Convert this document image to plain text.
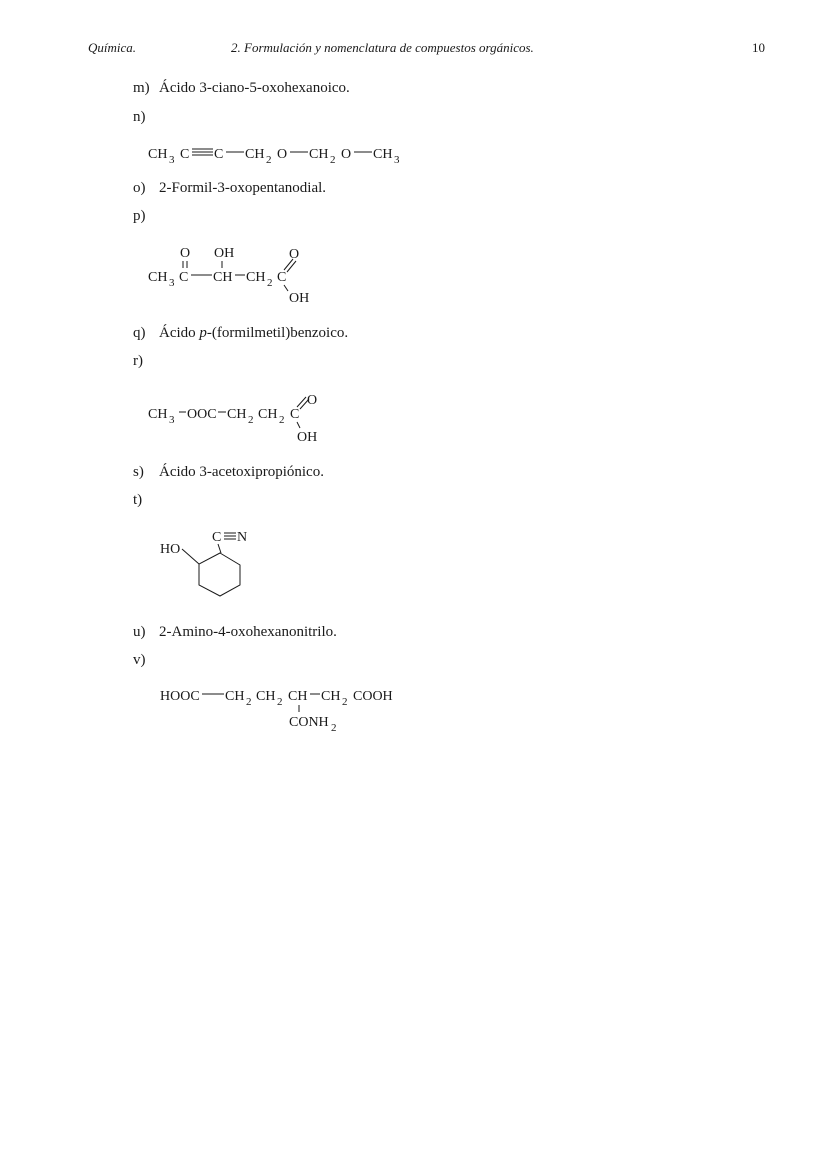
Química.	2. Formulación y nomenclatura de compuestos orgánicos.	10
m) Ácido 3-ciano-5-oxohexanoico.
n)
CH 3 C C CH 2 O CH 2 O CH 3
o) 2-Formil-3-oxopentanodial.
p)
O OH
CH 3 C CH CH 2 C
O
OH
q) Ácido p-(formilmetil)benzoico.
r)
CH 3 OOC CH 2 CH 2 C
O
OH
s) Ácido 3-acetoxipropiónico.
t)
C N
HO
u) 2-Amino-4-oxohexanonitrilo.
v)
HOOC CH 2 CH 2 CH CH 2 COOH
CONH 2
